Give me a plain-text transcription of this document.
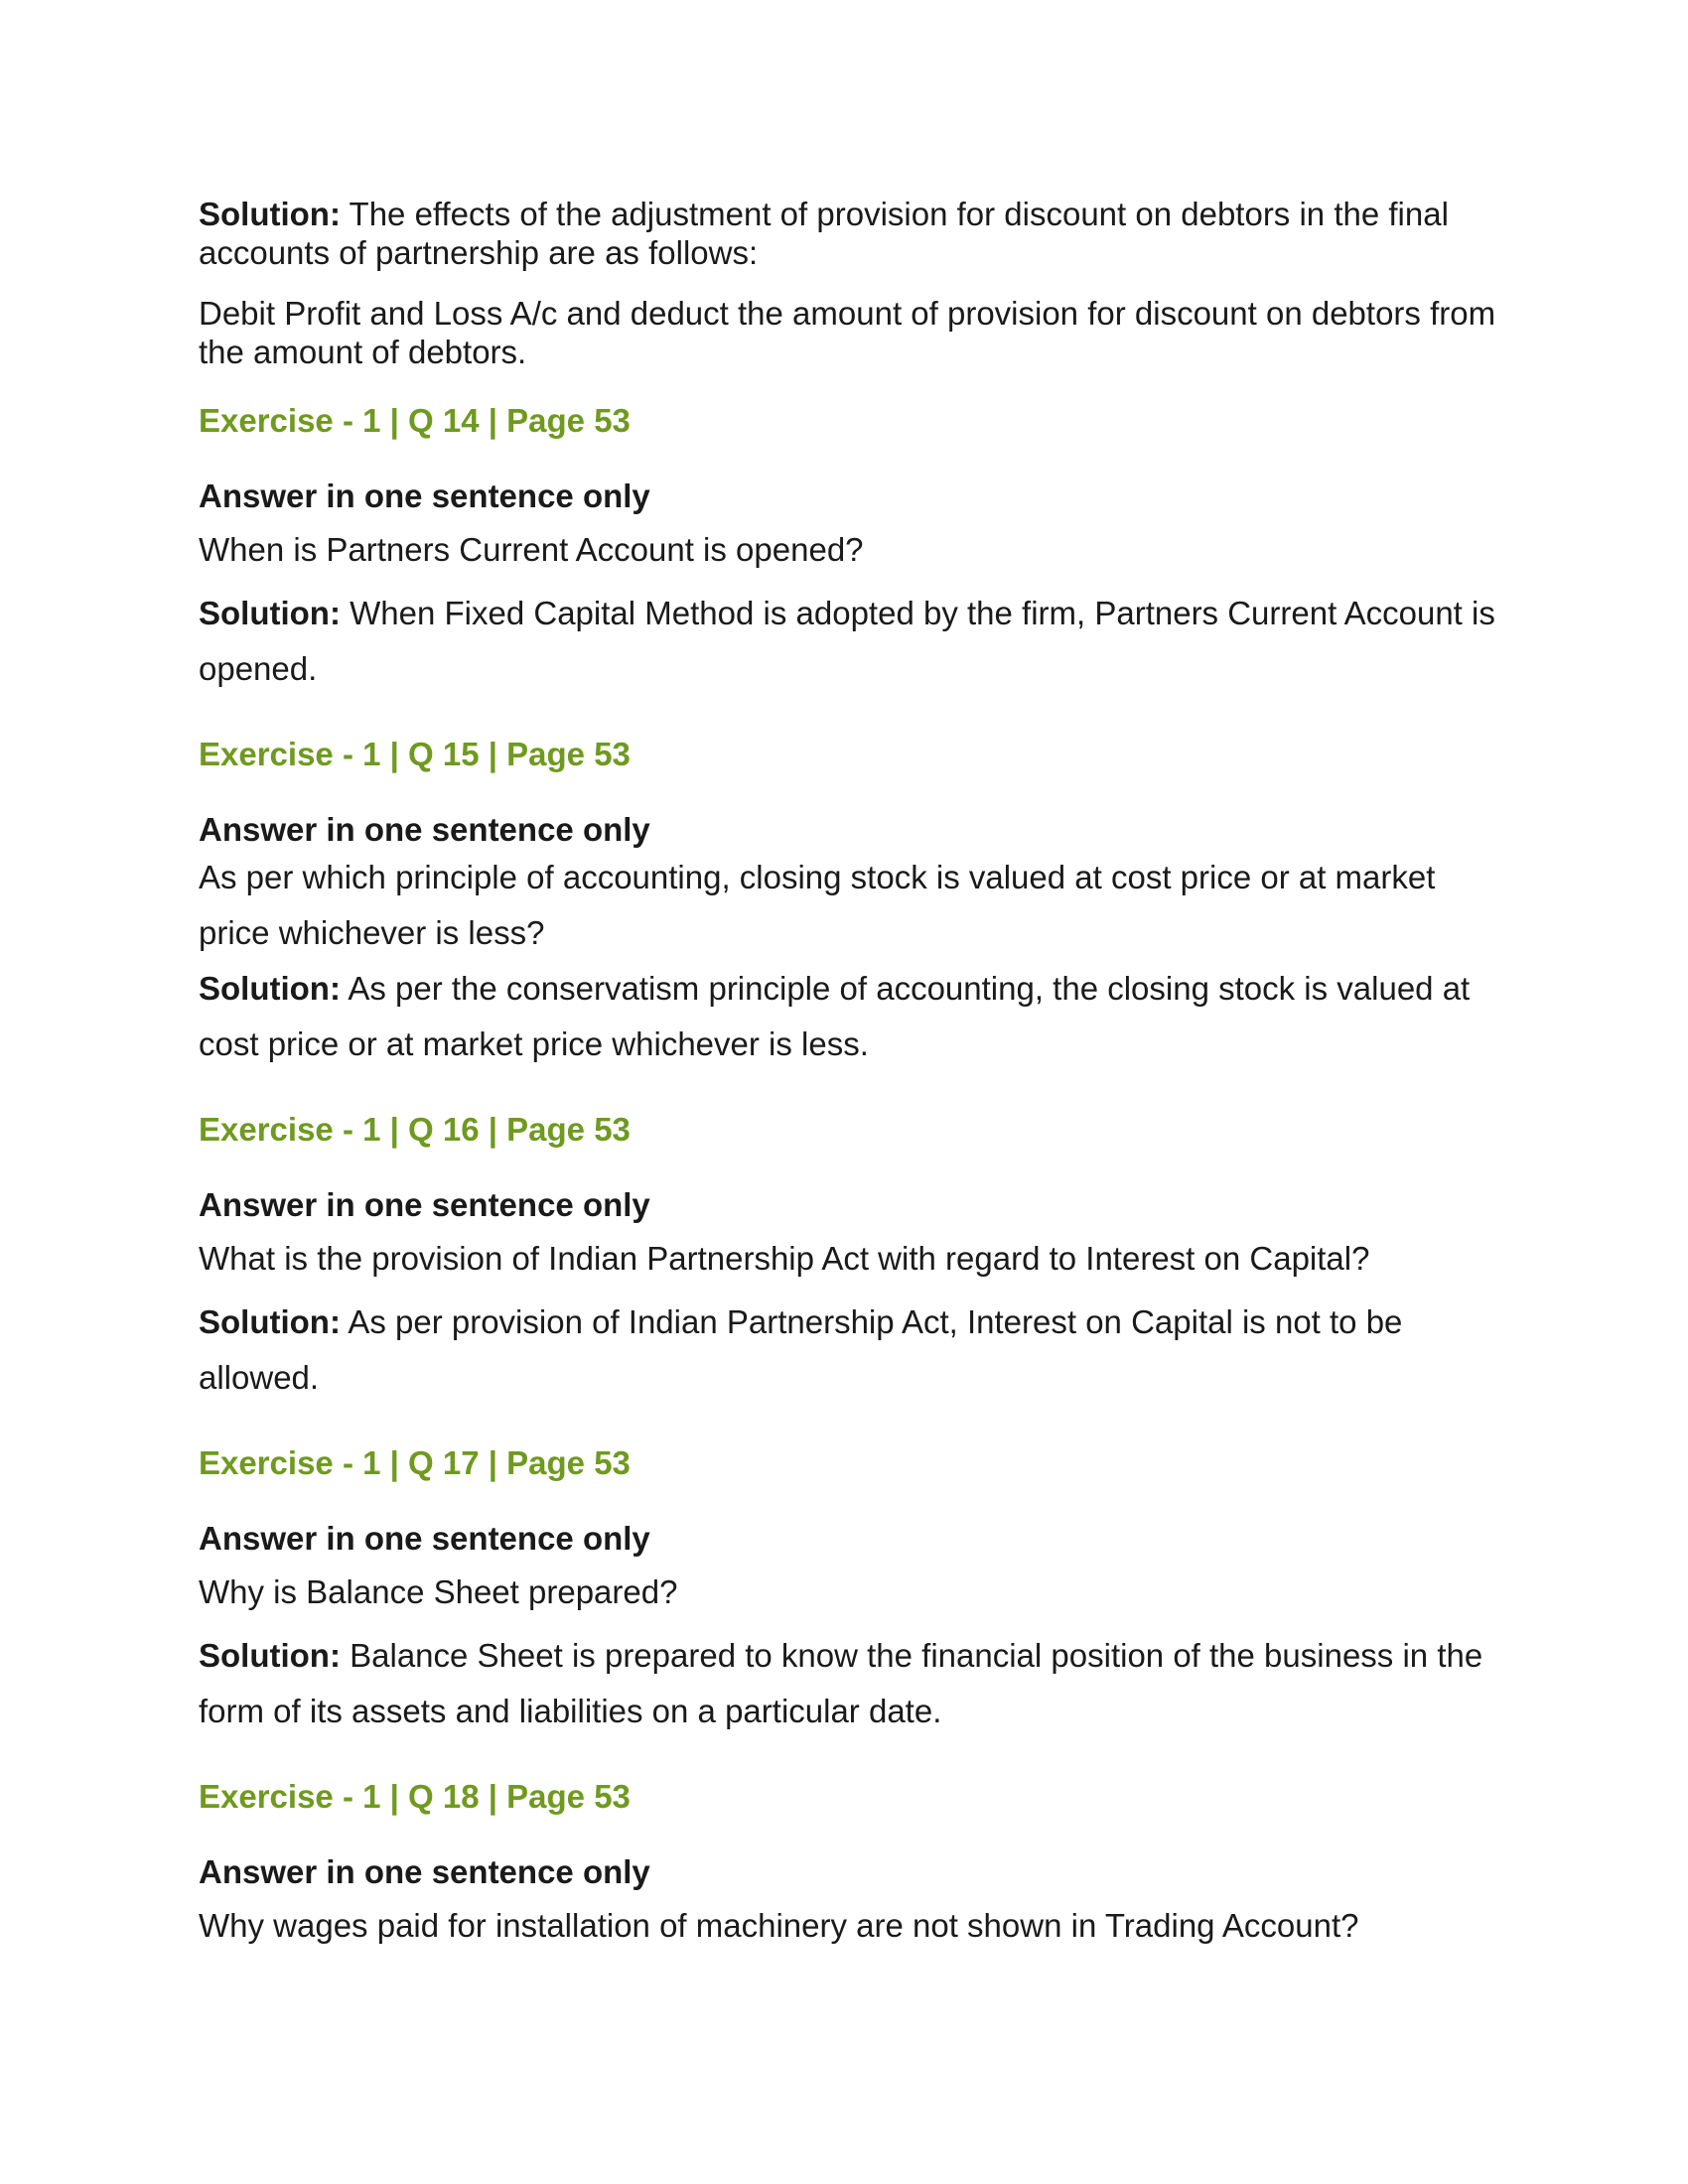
Solution: The effects of the adjustment of provision for discount on debtors in the final accounts of partnership are as follows:

Debit Profit and Loss A/c and deduct the amount of provision for discount on debtors from the amount of debtors.

Exercise - 1 | Q 14 | Page 53
Answer in one sentence only
When is Partners Current Account is opened?
Solution: When Fixed Capital Method is adopted by the firm, Partners Current Account is opened.
Exercise - 1 | Q 15 | Page 53
Answer in one sentence only
As per which principle of accounting, closing stock is valued at cost price or at market price whichever is less?
Solution: As per the conservatism principle of accounting, the closing stock is valued at cost price or at market price whichever is less.
Exercise - 1 | Q 16 | Page 53
Answer in one sentence only
What is the provision of Indian Partnership Act with regard to Interest on Capital?
Solution: As per provision of Indian Partnership Act, Interest on Capital is not to be allowed.
Exercise - 1 | Q 17 | Page 53
Answer in one sentence only
Why is Balance Sheet prepared?
Solution: Balance Sheet is prepared to know the financial position of the business in the form of its assets and liabilities on a particular date.
Exercise - 1 | Q 18 | Page 53
Answer in one sentence only
Why wages paid for installation of machinery are not shown in Trading Account?
